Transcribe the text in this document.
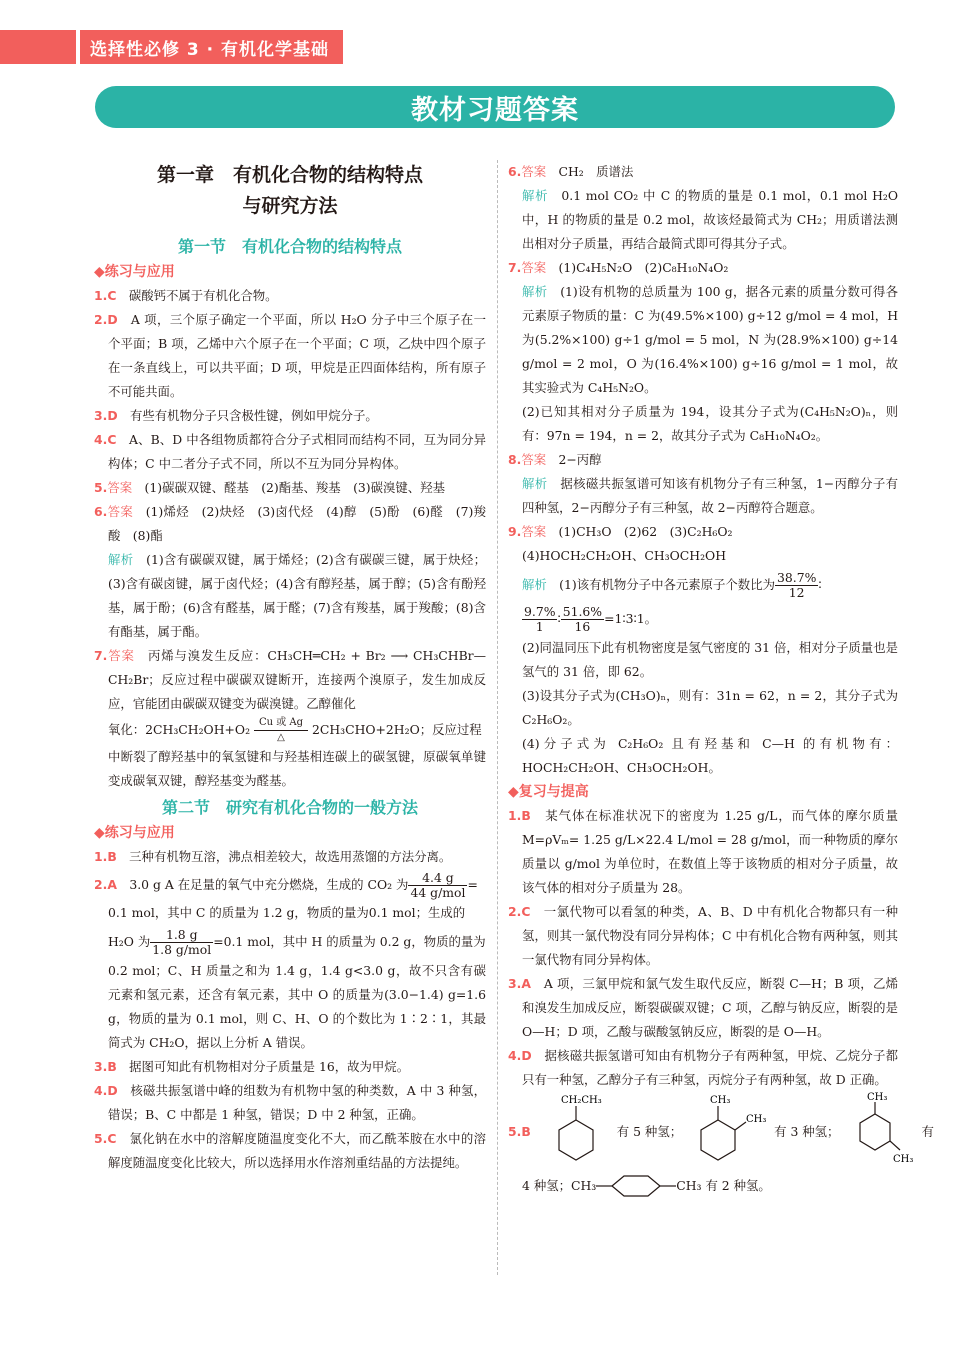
选择性必修 3 · 有机化学基础
教材习题答案
第一章　有机化合物的结构特点
与研究方法
第一节　有机化合物的结构特点
◆练习与应用
1.C　 碳酸钙不属于有机化合物。
2.D　 A 项，三个原子确定一个平面，所以 H₂O 分子中三个原子在一个平面；B 项，乙烯中六个原子在一个平面；C 项，乙炔中四个原子在一条直线上，可以共平面；D 项，甲烷是正四面体结构，所有原子不可能共面。
3.D　 有些有机物分子只含极性键，例如甲烷分子。
4.C　 A、B、D 中各组物质都符合分子式相同而结构不同，互为同分异构体；C 中二者分子式不同，所以不互为同分异构体。
5.答案　 (1)碳碳双键、醛基　(2)酯基、羧基　(3)碳溴键、羟基
6.答案　 (1)烯烃　(2)炔烃　(3)卤代烃　(4)醇　(5)酚　(6)醛　(7)羧酸　(8)酯
解析　 (1)含有碳碳双键，属于烯烃；(2)含有碳碳三键，属于炔烃；(3)含有碳卤键，属于卤代烃；(4)含有醇羟基，属于醇；(5)含有酚羟基，属于酚；(6)含有醛基，属于醛；(7)含有羧基，属于羧酸；(8)含有酯基，属于酯。
7.答案　 丙烯与溴发生反应：CH₃CH═CH₂ + Br₂ ⟶ CH₃CHBr—CH₂Br；反应过程中碳碳双键断开，连接两个溴原子，发生加成反应，官能团由碳碳双键变为碳溴键。乙醇催化
氧化：$2CH_3CH_2OH+O_2 \frac{\text{Cu 或 Ag}}{\triangle} 2CH_3CHO+2H_2O$；反应过程
中断裂了醇羟基中的氧氢键和与羟基相连碳上的碳氢键，原碳氧单键变成碳氧双键，醇羟基变为醛基。
第二节　研究有机化合物的一般方法
◆练习与应用
1.B　 三种有机物互溶，沸点相差较大，故选用蒸馏的方法分离。
2.A　 3.0 g A 在足量的氧气中充分燃烧，生成的 CO₂ 为 $\frac{4.4 g}{\text{44 g/mol}}$ =
0.1 mol，其中 C 的质量为 1.2 g，物质的量为0.1 mol；生成的
H₂O 为 $\frac{1.8 g}{\text{1.8 g/mol}} =0.1$ mol，其中 H 的质量为 0.2 g，物质的量为
0.2 mol；C、H 质量之和为 1.4 g，1.4 g<3.0 g，故不只含有碳元素和氢元素，还含有氧元素，其中 O 的质量为(3.0−1.4) g=1.6 g，物质的量为 0.1 mol，则 C、H、O 的个数比为 1∶2∶1，其最简式为 CH₂O，据以上分析 A 错误。
3.B　 据图可知此有机物相对分子质量是 16，故为甲烷。
4.D　 核磁共振氢谱中峰的组数为有机物中氢的种类数，A 中 3 种氢，错误；B、C 中都是 1 种氢，错误；D 中 2 种氢，正确。
5.C　 氯化钠在水中的溶解度随温度变化不大，而乙酰苯胺在水中的溶解度随温度变化比较大，所以选择用水作溶剂重结晶的方法提纯。
6.答案　 CH₂　质谱法
解析　 0.1 mol CO₂ 中 C 的物质的量是 0.1 mol，0.1 mol H₂O 中，H 的物质的量是 0.2 mol，故该烃最简式为 CH₂；用质谱法测出相对分子质量，再结合最简式即可得其分子式。
7.答案　 (1)C₄H₅N₂O　(2)C₈H₁₀N₄O₂
解析　 (1)设有机物的总质量为 100 g，据各元素的质量分数可得各元素原子物质的量：C 为(49.5%×100) g÷12 g/mol = 4 mol，H 为(5.2%×100) g÷1 g/mol = 5 mol，N 为(28.9%×100) g÷14 g/mol = 2 mol，O 为(16.4%×100) g÷16 g/mol = 1 mol，故其实验式为 C₄H₅N₂O。
(2)已知其相对分子质量为 194，设其分子式为(C₄H₅N₂O)ₙ，则有：97n = 194，n = 2，故其分子式为 C₈H₁₀N₄O₂。
8.答案　 2−丙醇
解析　 据核磁共振氢谱可知该有机物分子有三种氢，1−丙醇分子有四种氢，2−丙醇分子有三种氢，故 2−丙醇符合题意。
9.答案　 (1)CH₃O　(2)62　(3)C₂H₆O₂
(4)HOCH₂CH₂OH、CH₃OCH₂OH
解析　 (1)该有机物分子中各元素原子个数比为 $\frac{38.7\%}{12}$ ∶
$\frac{9.7\%}{1}$ ∶ $\frac{51.6\%}{16}$ =1∶3∶1。
(2)同温同压下此有机物密度是氢气密度的 31 倍，相对分子质量也是氢气的 31 倍，即 62。
(3)设其分子式为(CH₃O)ₙ，则有：31n = 62，n = 2，其分子式为 C₂H₆O₂。
(4)分子式为 C₂H₆O₂ 且有羟基和 C—H 的有机物有：HOCH₂CH₂OH、CH₃OCH₂OH。
◆复习与提高
1.B　 某气体在标准状况下的密度为 1.25 g/L，而气体的摩尔质量 M=ρVₘ= 1.25 g/L×22.4 L/mol = 28 g/mol，而一种物质的摩尔质量以 g/mol 为单位时，在数值上等于该物质的相对分子质量，故该气体的相对分子质量为 28。
2.C　 一氯代物可以看氢的种类，A、B、D 中有机化合物都只有一种氢，则其一氯代物没有同分异构体；C 中有机化合物有两种氢，则其一氯代物有同分异构体。
3.A　 A 项，三氯甲烷和氯气发生取代反应，断裂 C—H；B 项，乙烯和溴发生加成反应，断裂碳碳双键；C 项，乙醇与钠反应，断裂的是 O—H；D 项，乙酸与碳酸氢钠反应，断裂的是 O—H。
4.D　 据核磁共振氢谱可知由有机物分子有两种氢，甲烷、乙烷分子都只有一种氢，乙醇分子有三种氢，丙烷分子有两种氢，故 D 正确。
5.B
CH₂CH₃
有 5 种氢；
CH₃
CH₃
有 3 种氢；
CH₃
CH₃
有
4 种氢；CH₃	CH₃ 有 2 种氢。
